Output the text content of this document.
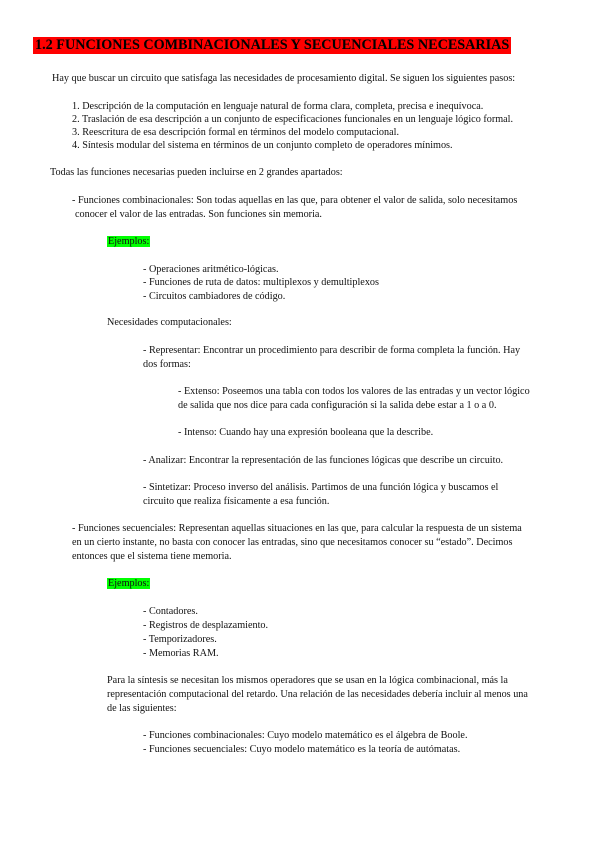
1.2 FUNCIONES COMBINACIONALES Y SECUENCIALES NECESARIAS
Hay que buscar un circuito que satisfaga las necesidades de procesamiento digital. Se siguen los siguientes pasos:
1. Descripción de la computación en lenguaje natural de forma clara, completa, precisa e inequívoca.
2. Traslación de esa descripción a un conjunto de especificaciones funcionales en un lenguaje lógico formal.
3. Reescritura de esa descripción formal en términos del modelo computacional.
4. Síntesis modular del sistema en términos de un conjunto completo de operadores mínimos.
Todas las funciones necesarias pueden incluirse en 2 grandes apartados:
- Funciones combinacionales: Son todas aquellas en las que, para obtener el valor de salida, solo necesitamos
conocer el valor de las entradas. Son funciones sin memoria.
Ejemplos:
- Operaciones aritmético-lógicas.
- Funciones de ruta de datos: multiplexos y demultiplexos
- Circuitos cambiadores de código.
Necesidades computacionales:
- Representar: Encontrar un procedimiento para describir de forma completa la función. Hay
dos formas:
- Extenso: Poseemos una tabla con todos los valores de las entradas y un vector lógico
de salida que nos dice para cada configuración si la salida debe estar a 1 o a 0.
- Intenso: Cuando hay una expresión booleana que la describe.
- Analizar: Encontrar la representación de las funciones lógicas que describe un circuito.
- Sintetizar: Proceso inverso del análisis. Partimos de una función lógica y buscamos el
circuito que realiza físicamente a esa función.
- Funciones secuenciales: Representan aquellas situaciones en las que, para calcular la respuesta de un sistema
en un cierto instante, no basta con conocer las entradas, sino que necesitamos conocer su “estado”. Decimos
entonces que el sistema tiene memoria.
Ejemplos:
- Contadores.
- Registros de desplazamiento.
- Temporizadores.
- Memorias RAM.
Para la síntesis se necesitan los mismos operadores que se usan en la lógica combinacional, más la
representación computacional del retardo. Una relación de las necesidades debería incluir al menos una
de las siguientes:
- Funciones combinacionales: Cuyo modelo matemático es el álgebra de Boole.
- Funciones secuenciales: Cuyo modelo matemático es la teoría de autómatas.
